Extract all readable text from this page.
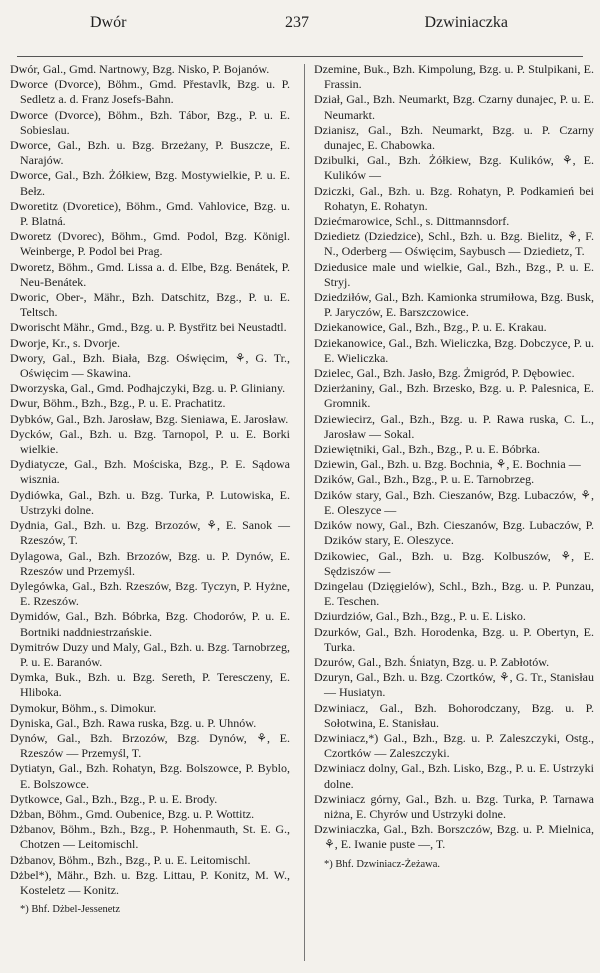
Dwór	237	Dzwiniaczka

Dwór, Gal., Gmd. Nartnowy, Bzg. Nisko, P. Bojanów.

Dworce (Dvorce), Böhm., Gmd. Přestavlk, Bzg. u. P. Sedletz a. d. Franz Josefs-Bahn.

Dworce (Dvorce), Böhm., Bzh. Tábor, Bzg., P. u. E. Sobieslau.

Dworce, Gal., Bzh. u. Bzg. Brzeżany, P. Buszcze, E. Narajów.

Dworce, Gal., Bzh. Żółkiew, Bzg. Mostywielkie, P. u. E. Bełz.

Dworetitz (Dvoretice), Böhm., Gmd. Vahlovice, Bzg. u. P. Blatná.

Dworetz (Dvorec), Böhm., Gmd. Podol, Bzg. Königl. Weinberge, P. Podol bei Prag.

Dworetz, Böhm., Gmd. Lissa a. d. Elbe, Bzg. Benátek, P. Neu-Benátek.

Dworic, Ober-, Mähr., Bzh. Datschitz, Bzg., P. u. E. Teltsch.

Dworischt Mähr., Gmd., Bzg. u. P. Bystřitz bei Neustadtl.

Dworje, Kr., s. Dvorje.

Dwory, Gal., Bzh. Biała, Bzg. Oświęcim, ⚘, G. Tr., Oświęcim — Skawina.

Dworzyska, Gal., Gmd. Podhajczyki, Bzg. u. P. Gliniany.

Dwur, Böhm., Bzh., Bzg., P. u. E. Prachatitz.

Dybków, Gal., Bzh. Jarosław, Bzg. Sieniawa, E. Jarosław.

Dycków, Gal., Bzh. u. Bzg. Tarnopol, P. u. E. Borki wielkie.

Dydiatycze, Gal., Bzh. Mościska, Bzg., P. E. Sądowa wisznia.

Dydiówka, Gal., Bzh. u. Bzg. Turka, P. Lutowiska, E. Ustrzyki dolne.

Dydnia, Gal., Bzh. u. Bzg. Brzozów, ⚘, E. Sanok — Rzeszów, T.

Dylagowa, Gal., Bzh. Brzozów, Bzg. u. P. Dynów, E. Rzeszów und Przemyśl.

Dylegówka, Gal., Bzh. Rzeszów, Bzg. Tyczyn, P. Hyżne, E. Rzeszów.

Dymidów, Gal., Bzh. Bóbrka, Bzg. Chodorów, P. u. E. Bortniki naddniestrzańskie.

Dymitrów Duzy und Maly, Gal., Bzh. u. Bzg. Tarnobrzeg, P. u. E. Baranów.

Dymka, Buk., Bzh. u. Bzg. Sereth, P. Teresczeny, E. Hliboka.

Dymokur, Böhm., s. Dimokur.

Dyniska, Gal., Bzh. Rawa ruska, Bzg. u. P. Uhnów.

Dynów, Gal., Bzh. Brzozów, Bzg. Dynów, ⚘, E. Rzeszów — Przemyśl, T.

Dytiatyn, Gal., Bzh. Rohatyn, Bzg. Bolszowce, P. Byblo, E. Bolszowce.

Dytkowce, Gal., Bzh., Bzg., P. u. E. Brody.

Dżban, Böhm., Gmd. Oubenice, Bzg. u. P. Wottitz.

Dżbanov, Böhm., Bzh., Bzg., P. Hohenmauth, St. E. G., Chotzen — Leitomischl.

Dżbanov, Böhm., Bzh., Bzg., P. u. E. Leitomischl.

Dżbel*), Mähr., Bzh. u. Bzg. Littau, P. Konitz, M. W., Kosteletz — Konitz.

*) Bhf. Dżbel-Jessenetz

Dzemine, Buk., Bzh. Kimpolung, Bzg. u. P. Stulpikani, E. Frassin.

Dział, Gal., Bzh. Neumarkt, Bzg. Czarny dunajec, P. u. E. Neumarkt.

Dzianisz, Gal., Bzh. Neumarkt, Bzg. u. P. Czarny dunajec, E. Chabowka.

Dzibulki, Gal., Bzh. Żółkiew, Bzg. Kulików, ⚘, E. Kulików —

Dziczki, Gal., Bzh. u. Bzg. Rohatyn, P. Podkamień bei Rohatyn, E. Rohatyn.

Dziećmarowice, Schl., s. Dittmannsdorf.

Dziedietz (Dziedzice), Schl., Bzh. u. Bzg. Bielitz, ⚘, F. N., Oderberg — Oświęcim, Saybusch — Dziedietz, T.

Dziedusice male und wielkie, Gal., Bzh., Bzg., P. u. E. Stryj.

Dziedziłów, Gal., Bzh. Kamionka strumiłowa, Bzg. Busk, P. Jaryczów, E. Barszczowice.

Dziekanowice, Gal., Bzh., Bzg., P. u. E. Krakau.

Dziekanowice, Gal., Bzh. Wieliczka, Bzg. Dobczyce, P. u. E. Wieliczka.

Dzielec, Gal., Bzh. Jasło, Bzg. Żmigród, P. Dębowiec.

Dzierżaniny, Gal., Bzh. Brzesko, Bzg. u. P. Palesnica, E. Gromnik.

Dziewiecirz, Gal., Bzh., Bzg. u. P. Rawa ruska, C. L., Jarosław — Sokal.

Dziewiętniki, Gal., Bzh., Bzg., P. u. E. Bóbrka.

Dziewin, Gal., Bzh. u. Bzg. Bochnia, ⚘, E. Bochnia —

Dzików, Gal., Bzh., Bzg., P. u. E. Tarnobrzeg.

Dzików stary, Gal., Bzh. Cieszanów, Bzg. Lubaczów, ⚘, E. Oleszyce —

Dzików nowy, Gal., Bzh. Cieszanów, Bzg. Lubaczów, P. Dzików stary, E. Oleszyce.

Dzikowiec, Gal., Bzh. u. Bzg. Kolbuszów, ⚘, E. Sędziszów —

Dzingelau (Dzięgielów), Schl., Bzh., Bzg. u. P. Punzau, E. Teschen.

Dziurdziów, Gal., Bzh., Bzg., P. u. E. Lisko.

Dzurków, Gal., Bzh. Horodenka, Bzg. u. P. Obertyn, E. Turka.

Dzurów, Gal., Bzh. Śniatyn, Bzg. u. P. Zabłotów.

Dzuryn, Gal., Bzh. u. Bzg. Czortków, ⚘, G. Tr., Stanisłau — Husiatyn.

Dzwiniacz, Gal., Bzh. Bohorodczany, Bzg. u. P. Sołotwina, E. Stanisłau.

Dzwiniacz,*) Gal., Bzh., Bzg. u. P. Zaleszczyki, Ostg., Czortków — Zaleszczyki.

Dzwiniacz dolny, Gal., Bzh. Lisko, Bzg., P. u. E. Ustrzyki dolne.

Dzwiniacz górny, Gal., Bzh. u. Bzg. Turka, P. Tarnawa niżna, E. Chyrów und Ustrzyki dolne.

Dzwiniaczka, Gal., Bzh. Borszczów, Bzg. u. P. Mielnica, ⚘, E. Iwanie puste —, T.

*) Bhf. Dzwiniacz-Żeżawa.
